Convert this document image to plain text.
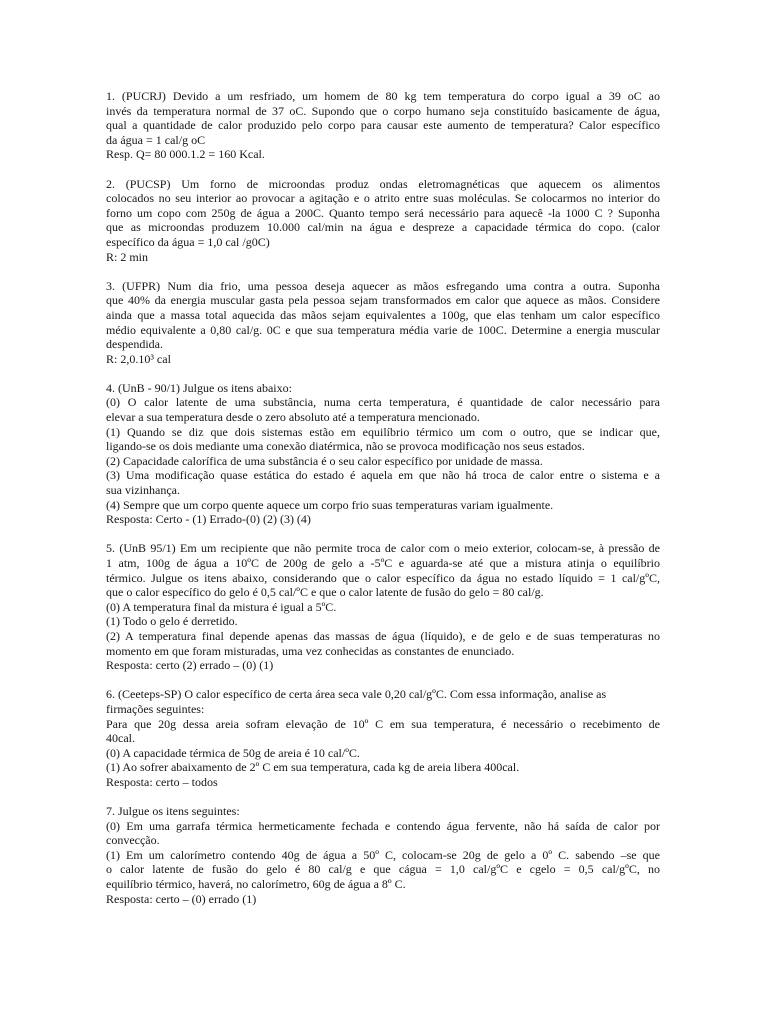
1. (PUCRJ) Devido a um resfriado, um homem de 80 kg tem temperatura do corpo igual a 39 oC ao
invés da temperatura normal de 37 oC. Supondo que o corpo humano seja constituído basicamente de água,
qual a quantidade de calor produzido pelo corpo para causar este aumento de temperatura? Calor específico
da água = 1 cal/g oC
Resp. Q= 80 000.1.2 = 160 Kcal.
2. (PUCSP) Um forno de microondas produz ondas eletromagnéticas que aquecem os alimentos
colocados no seu interior ao provocar a agitação e o atrito entre suas moléculas. Se colocarmos no interior do
forno um copo com 250g de água a 200C. Quanto tempo será necessário para aquecê -la 1000 C ? Suponha
que as microondas produzem 10.000 cal/min na água e despreze a capacidade térmica do copo. (calor
específico da água = 1,0 cal /g0C)
R: 2 min
3. (UFPR) Num dia frio, uma pessoa deseja aquecer as mãos esfregando uma contra a outra. Suponha
que 40% da energia muscular gasta pela pessoa sejam transformados em calor que aquece as mãos. Considere
ainda que a massa total aquecida das mãos sejam equivalentes a 100g, que elas tenham um calor específico
médio equivalente a 0,80 cal/g. 0C e que sua temperatura média varie de 100C. Determine a energia muscular
despendida.
R: 2,0.10³ cal
4. (UnB - 90/1) Julgue os itens abaixo:
(0) O calor latente de uma substância, numa certa temperatura, é quantidade de calor necessário para
elevar a sua temperatura desde o zero absoluto até a temperatura mencionado.
(1) Quando se diz que dois sistemas estão em equilíbrio térmico um com o outro, que se indicar que,
ligando-se os dois mediante uma conexão diatérmica, não se provoca modificação nos seus estados.
(2) Capacidade calorífica de uma substância é o seu calor específico por unidade de massa.
(3) Uma modificação quase estática do estado é aquela em que não há troca de calor entre o sistema e a
sua vizinhança.
(4) Sempre que um corpo quente aquece um corpo frio suas temperaturas variam igualmente.
Resposta: Certo - (1) Errado-(0) (2) (3) (4)
5. (UnB 95/1) Em um recipiente que não permite troca de calor com o meio exterior, colocam-se, à pressão de
1 atm, 100g de água a 10ºC de 200g de gelo a -5ºC e aguarda-se até que a mistura atinja o equilíbrio
térmico. Julgue os itens abaixo, considerando que o calor específico da água no estado líquido = 1 cal/gºC,
que o calor específico do gelo é 0,5 cal/ºC e que o calor latente de fusão do gelo = 80 cal/g.
(0) A temperatura final da mistura é igual a 5ºC.
(1) Todo o gelo é derretido.
(2) A temperatura final depende apenas das massas de água (líquido), e de gelo e de suas temperaturas no
momento em que foram misturadas, uma vez conhecidas as constantes de enunciado.
Resposta: certo (2) errado – (0) (1)
6. (Ceeteps-SP) O calor específico de certa área seca vale 0,20 cal/gºC. Com essa informação, analise as
firmações seguintes:
Para que 20g dessa areia sofram elevação de 10º C em sua temperatura, é necessário o recebimento de
40cal.
(0) A capacidade térmica de 50g de areia é 10 cal/ºC.
(1) Ao sofrer abaixamento de 2º C em sua temperatura, cada kg de areia libera 400cal.
Resposta: certo – todos
7. Julgue os itens seguintes:
(0) Em uma garrafa térmica hermeticamente fechada e contendo água fervente, não há saída de calor por
convecção.
(1) Em um calorímetro contendo 40g de água a 50º C, colocam-se 20g de gelo a 0º C. sabendo –se que
o calor latente de fusão do gelo é 80 cal/g e que cágua = 1,0 cal/gºC e cgelo = 0,5 cal/gºC, no
equilíbrio térmico, haverá, no calorímetro, 60g de água a 8º C.
Resposta: certo – (0) errado (1)
